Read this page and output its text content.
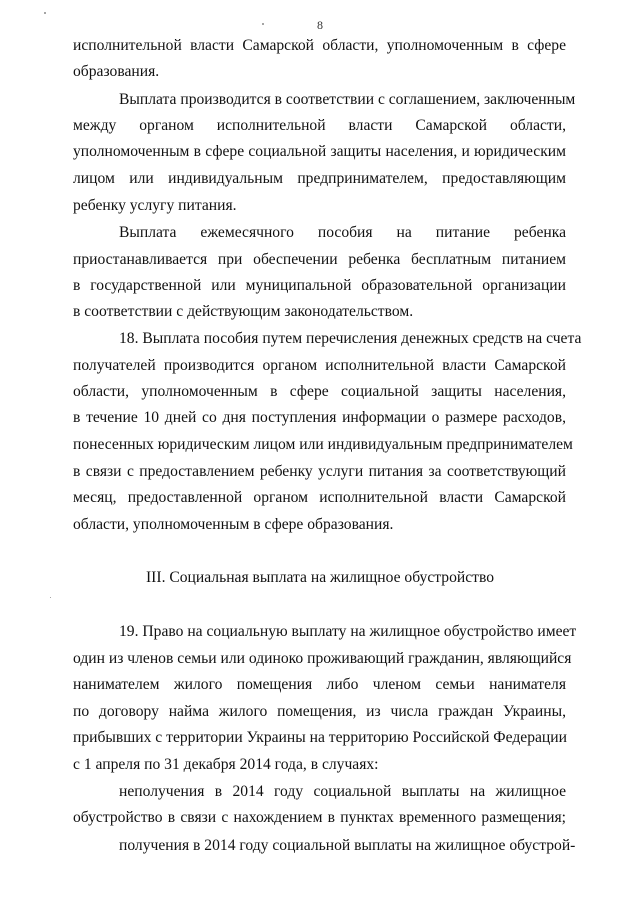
8
исполнительной власти Самарской области, уполномоченным в сфере
образования.
Выплата производится в соответствии с соглашением, заключенным
между органом исполнительной власти Самарской области,
уполномоченным в сфере социальной защиты населения, и юридическим
лицом или индивидуальным предпринимателем, предоставляющим
ребенку услугу питания.
Выплата ежемесячного пособия на питание ребенка
приостанавливается при обеспечении ребенка бесплатным питанием
в государственной или муниципальной образовательной организации
в соответствии с действующим законодательством.
18. Выплата пособия путем перечисления денежных средств на счета
получателей производится органом исполнительной власти Самарской
области, уполномоченным в сфере социальной защиты населения,
в течение 10 дней со дня поступления информации о размере расходов,
понесенных юридическим лицом или индивидуальным предпринимателем
в связи с предоставлением ребенку услуги питания за соответствующий
месяц, предоставленной органом исполнительной власти Самарской
области, уполномоченным в сфере образования.
III. Социальная выплата на жилищное обустройство
19. Право на социальную выплату на жилищное обустройство имеет
один из членов семьи или одиноко проживающий гражданин, являющийся
нанимателем жилого помещения либо членом семьи нанимателя
по договору найма жилого помещения, из числа граждан Украины,
прибывших с территории Украины на территорию Российской Федерации
с 1 апреля по 31 декабря 2014 года, в случаях:
неполучения в 2014 году социальной выплаты на жилищное
обустройство в связи с нахождением в пунктах временного размещения;
получения в 2014 году социальной выплаты на жилищное обустрой-
